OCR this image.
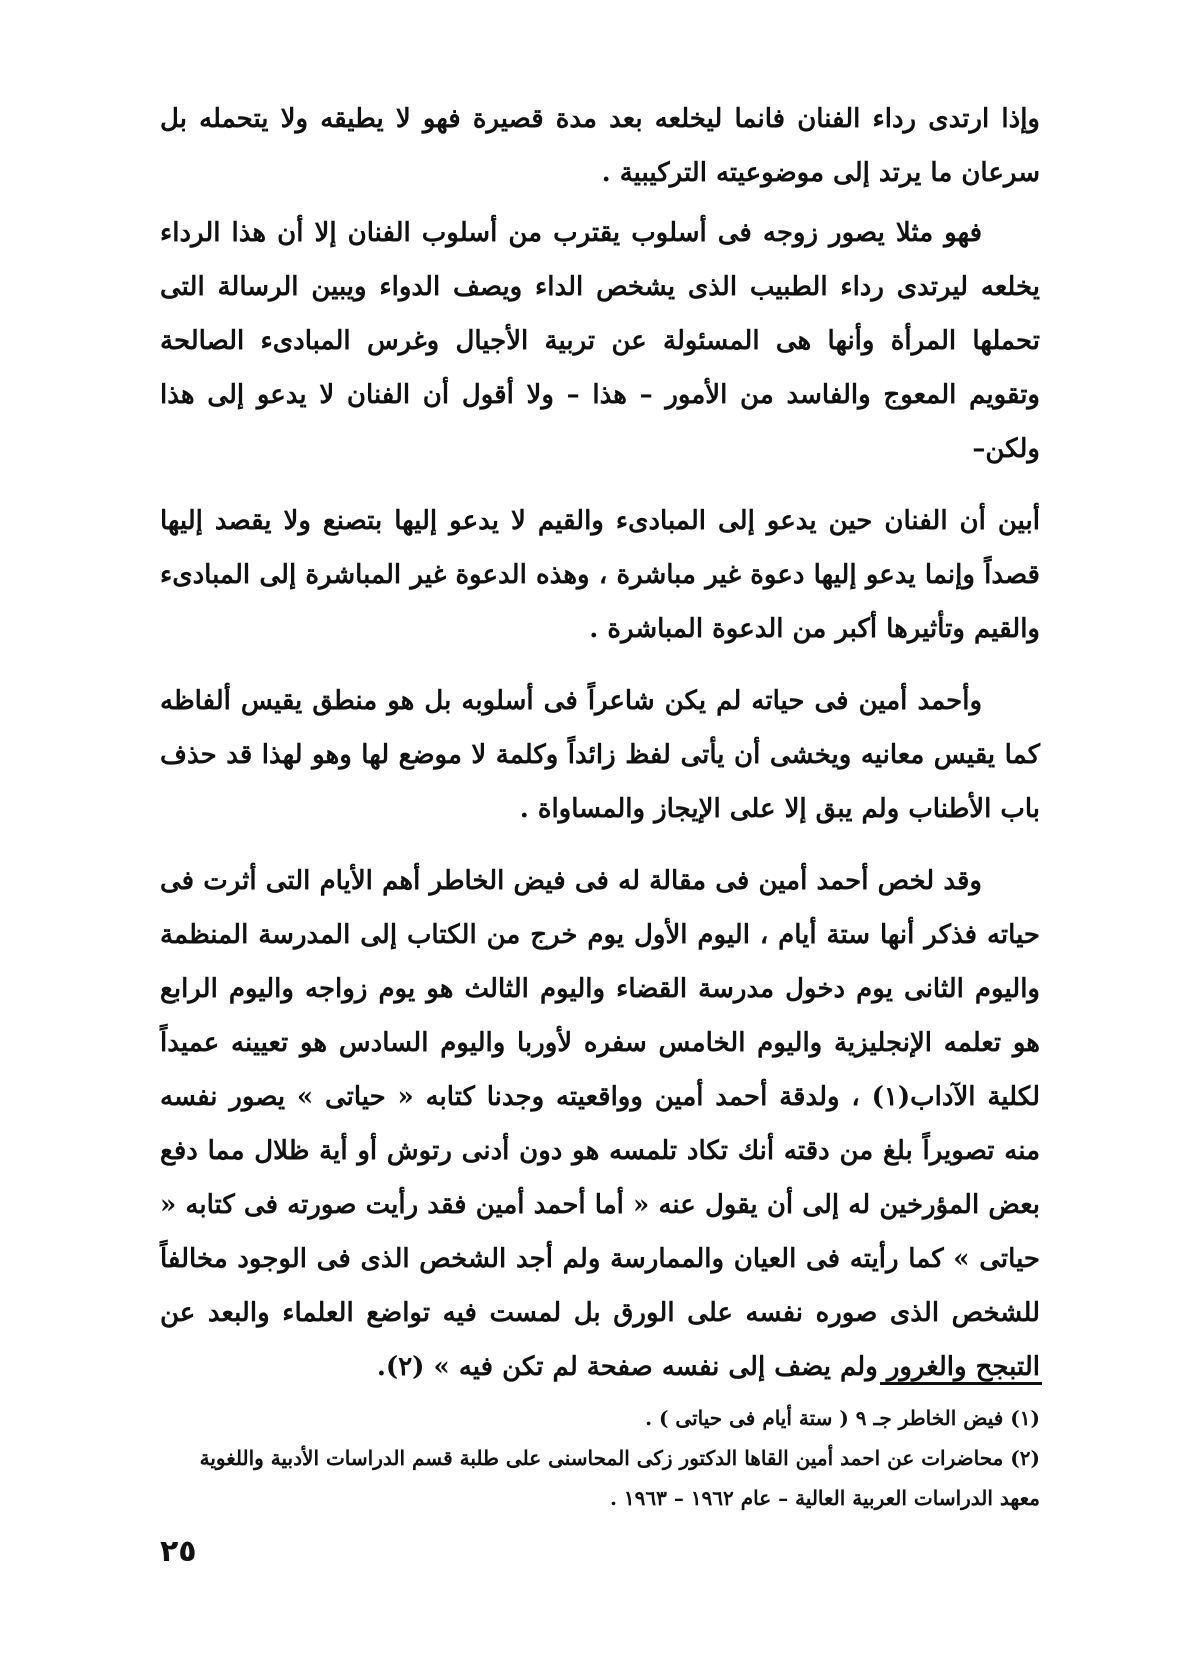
وإذا ارتدى رداء الفنان فانما ليخلعه بعد مدة قصيرة فهو لا يطيقه ولا يتحمله بل سرعان ما يرتد إلى موضوعيته التركيبية .

فهو مثلا يصور زوجه فى أسلوب يقترب من أسلوب الفنان إلا أن هذا الرداء يخلعه ليرتدى رداء الطبيب الذى يشخص الداء ويصف الدواء ويبين الرسالة التى تحملها المرأة وأنها هى المسئولة عن تربية الأجيال وغرس المبادىء الصالحة وتقويم المعوج والفاسد من الأمور – هذا – ولا أقول أن الفنان لا يدعو إلى هذا ولكن–

أبين أن الفنان حين يدعو إلى المبادىء والقيم لا يدعو إليها بتصنع ولا يقصد إليها قصداً وإنما يدعو إليها دعوة غير مباشرة ، وهذه الدعوة غير المباشرة إلى المبادىء والقيم وتأثيرها أكبر من الدعوة المباشرة .

وأحمد أمين فى حياته لم يكن شاعراً فى أسلوبه بل هو منطق يقيس ألفاظه كما يقيس معانيه ويخشى أن يأتى لفظ زائداً وكلمة لا موضع لها وهو لهذا قد حذف باب الأطناب ولم يبق إلا على الإيجاز والمساواة .

وقد لخص أحمد أمين فى مقالة له فى فيض الخاطر أهم الأيام التى أثرت فى حياته فذكر أنها ستة أيام ، اليوم الأول يوم خرج من الكتاب إلى المدرسة المنظمة واليوم الثانى يوم دخول مدرسة القضاء واليوم الثالث هو يوم زواجه واليوم الرابع هو تعلمه الإنجليزية واليوم الخامس سفره لأوربا واليوم السادس هو تعيينه عميداً لكلية الآداب(١) ، ولدقة أحمد أمين وواقعيته وجدنا كتابه « حياتى » يصور نفسه منه تصويراً بلغ من دقته أنك تكاد تلمسه هو دون أدنى رتوش أو أية ظلال مما دفع بعض المؤرخين له إلى أن يقول عنه « أما أحمد أمين فقد رأيت صورته فى كتابه « حياتى » كما رأيته فى العيان والممارسة ولم أجد الشخص الذى فى الوجود مخالفاً للشخص الذى صوره نفسه على الورق بل لمست فيه تواضع العلماء والبعد عن التبجح والغرور ولم يضف إلى نفسه صفحة لم تكن فيه » (٢).

(١) فيض الخاطر جـ ٩ ( ستة أيام فى حياتى ) .

(٢) محاضرات عن احمد أمين القاها الدكتور زكى المحاسنى على طلبة قسم الدراسات الأدبية واللغوية

معهد الدراسات العربية العالية – عام ١٩٦٢ – ١٩٦٣ .

٢٥
